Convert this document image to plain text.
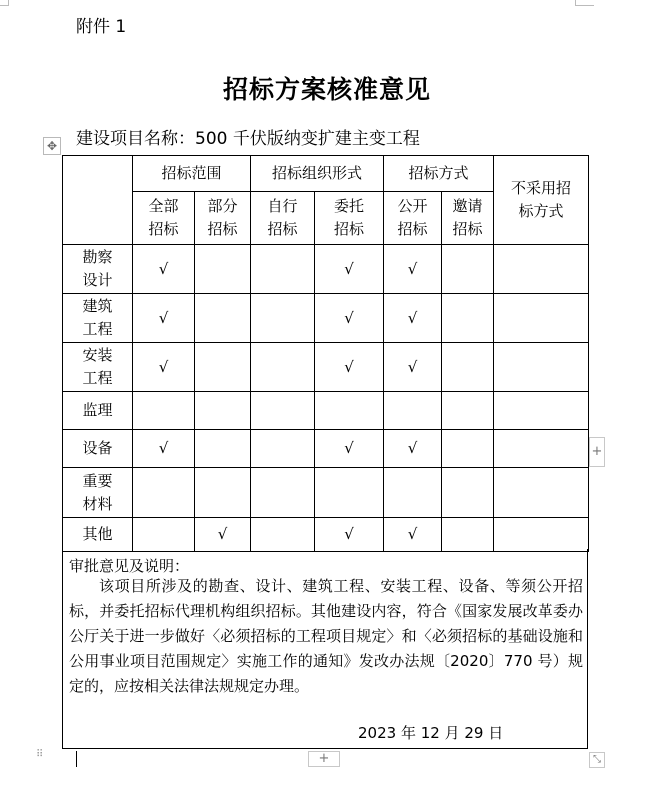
附件 1
招标方案核准意见
建设项目名称：500 千伏版纳变扩建主变工程
✥
	招标范围		招标组织形式		招标方式		不采用招标方式
	全部招标	部分招标	自行招标	委托招标	公开招标	邀请招标	
勘察设计	√			√	√		
建筑工程	√			√	√		
安装工程	√			√	√		
监理							
设备	√			√	√		
重要材料							
其他		√		√	√		
审批意见及说明：
该项目所涉及的勘查、设计、建筑工程、安装工程、设备、等须公开招标，并委托招标代理机构组织招标。其他建设内容，符合《国家发展改革委办公厅关于进一步做好〈必须招标的工程项目规定〉和〈必须招标的基础设施和公用事业项目范围规定〉实施工作的通知》发改办法规〔2020〕770 号）规定的，应按相关法律法规规定办理。
2023 年 12 月 29 日
+
⠿	+	⤡
